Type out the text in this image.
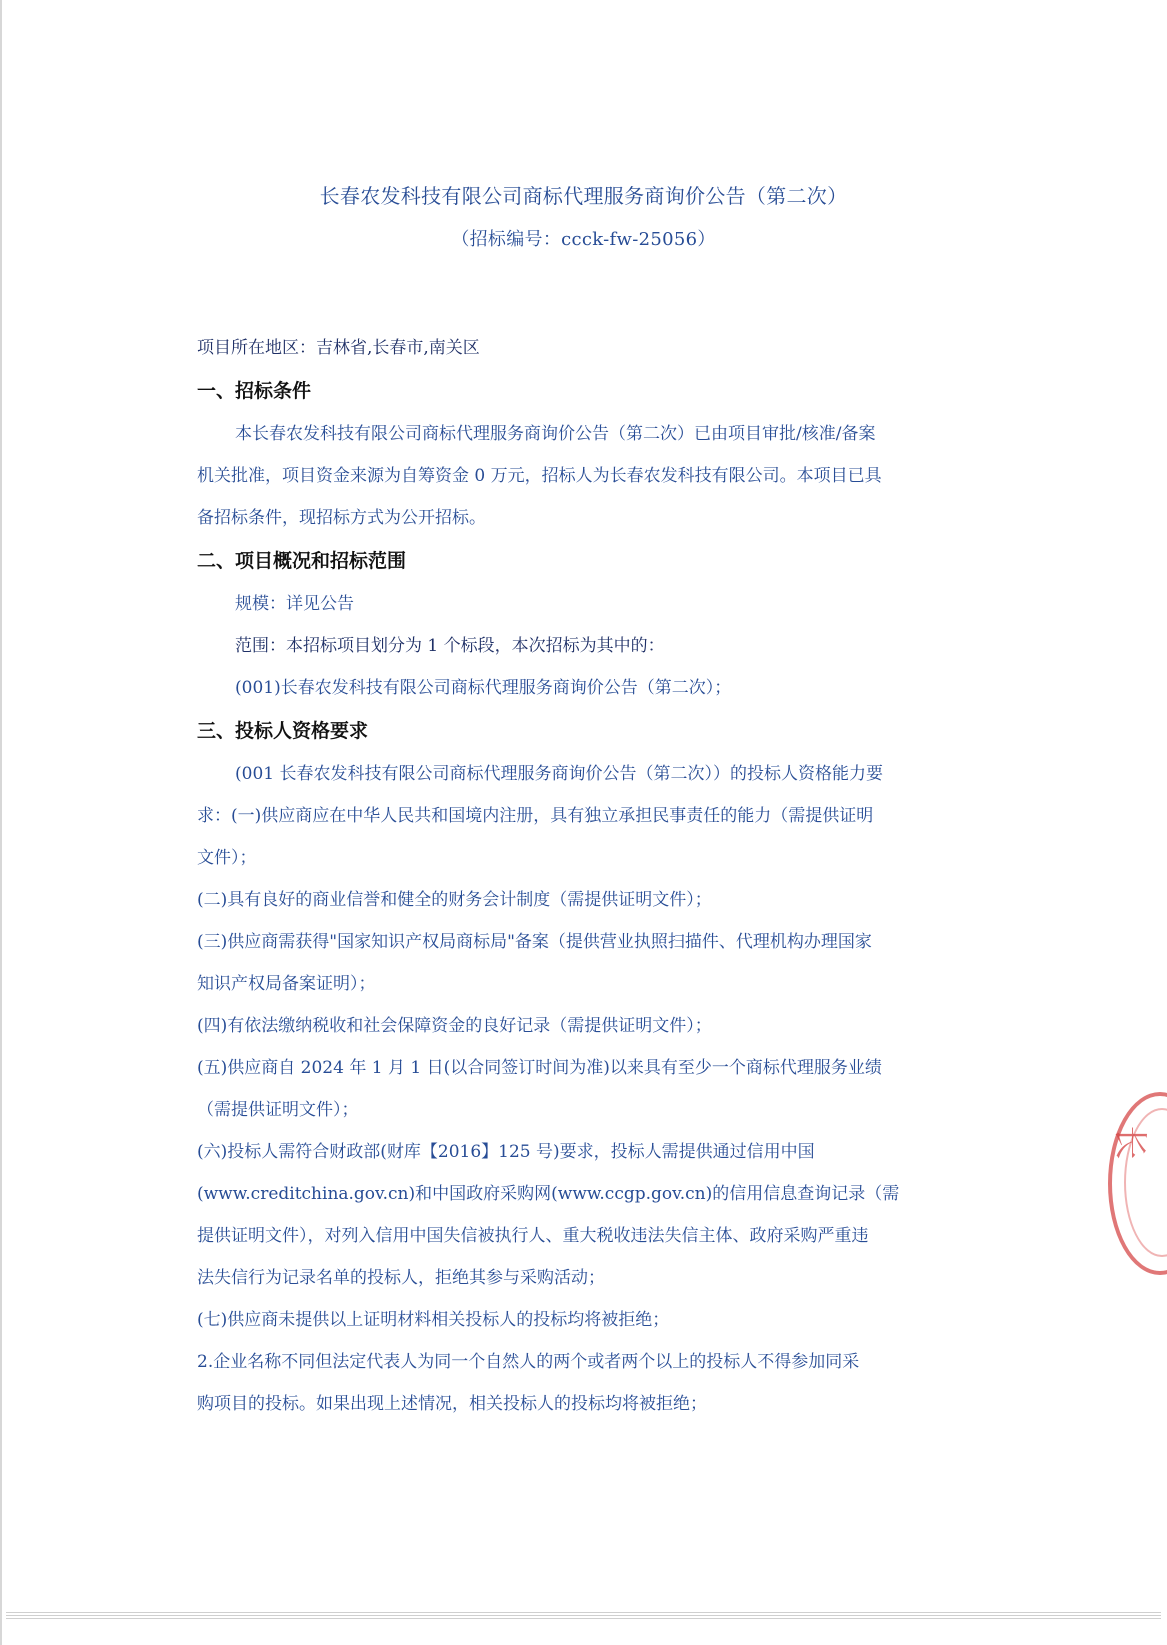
长春农发科技有限公司商标代理服务商询价公告（第二次）
（招标编号：ccck-fw-25056）
项目所在地区：吉林省,长春市,南关区
一、招标条件
本长春农发科技有限公司商标代理服务商询价公告（第二次）已由项目审批/核准/备案
机关批准，项目资金来源为自筹资金 0 万元，招标人为长春农发科技有限公司。本项目已具
备招标条件，现招标方式为公开招标。
二、项目概况和招标范围
规模：详见公告
范围：本招标项目划分为 1 个标段，本次招标为其中的：
(001)长春农发科技有限公司商标代理服务商询价公告（第二次）；
三、投标人资格要求
(001 长春农发科技有限公司商标代理服务商询价公告（第二次））的投标人资格能力要
求：(一)供应商应在中华人民共和国境内注册，具有独立承担民事责任的能力（需提供证明
文件）；
(二)具有良好的商业信誉和健全的财务会计制度（需提供证明文件）；
(三)供应商需获得"国家知识产权局商标局"备案（提供营业执照扫描件、代理机构办理国家
知识产权局备案证明）；
(四)有依法缴纳税收和社会保障资金的良好记录（需提供证明文件）；
(五)供应商自 2024 年 1 月 1 日(以合同签订时间为准)以来具有至少一个商标代理服务业绩
（需提供证明文件）；
(六)投标人需符合财政部(财库【2016】125 号)要求，投标人需提供通过信用中国
(www.creditchina.gov.cn)和中国政府采购网(www.ccgp.gov.cn)的信用信息查询记录（需
提供证明文件），对列入信用中国失信被执行人、重大税收违法失信主体、政府采购严重违
法失信行为记录名单的投标人，拒绝其参与采购活动；
(七)供应商未提供以上证明材料相关投标人的投标均将被拒绝；
2.企业名称不同但法定代表人为同一个自然人的两个或者两个以上的投标人不得参加同采
购项目的投标。如果出现上述情况，相关投标人的投标均将被拒绝；
长
